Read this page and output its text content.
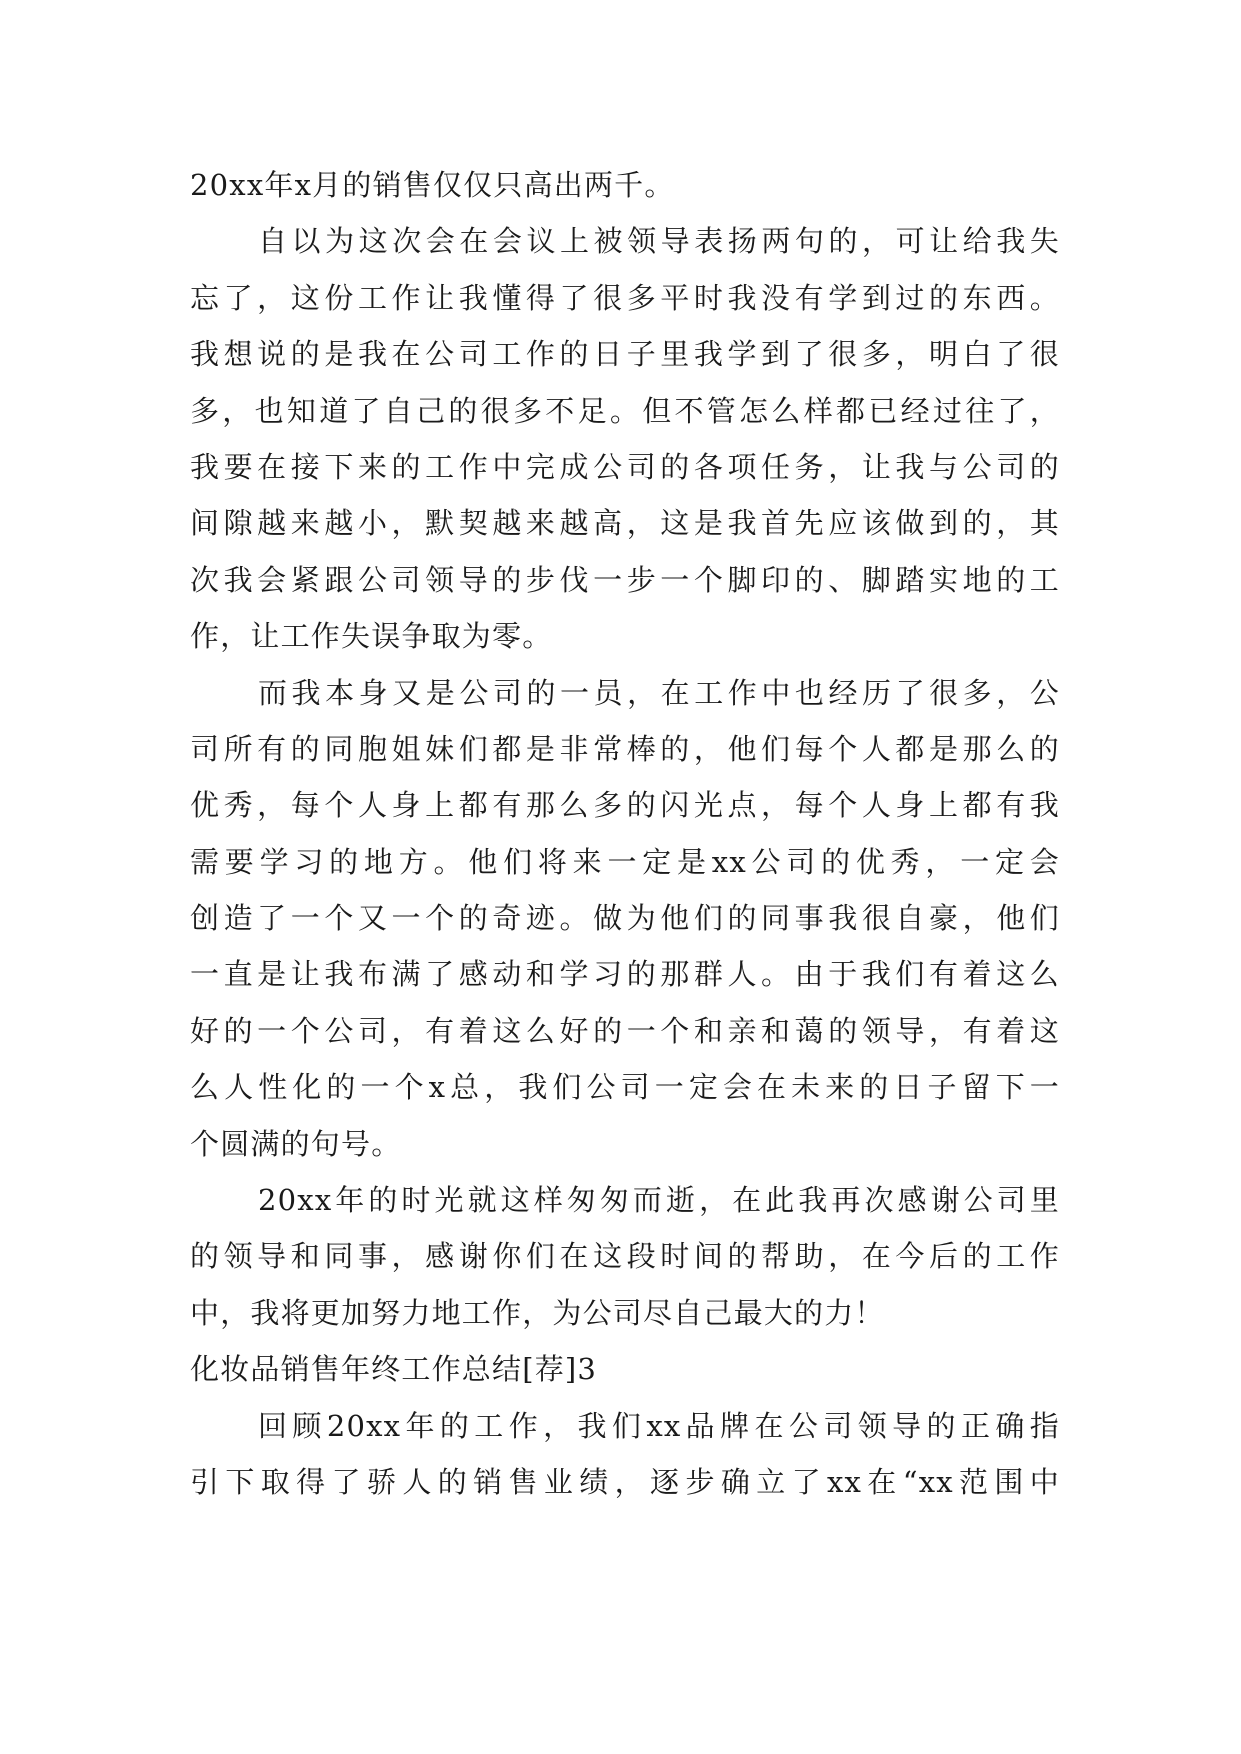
20xx年x月的销售仅仅只高出两千。
自以为这次会在会议上被领导表扬两句的，可让给我失
忘了，这份工作让我懂得了很多平时我没有学到过的东西。
我想说的是我在公司工作的日子里我学到了很多，明白了很
多，也知道了自己的很多不足。但不管怎么样都已经过往了，
我要在接下来的工作中完成公司的各项任务，让我与公司的
间隙越来越小，默契越来越高，这是我首先应该做到的，其
次我会紧跟公司领导的步伐一步一个脚印的、脚踏实地的工
作，让工作失误争取为零。
而我本身又是公司的一员，在工作中也经历了很多，公
司所有的同胞姐妹们都是非常棒的，他们每个人都是那么的
优秀，每个人身上都有那么多的闪光点，每个人身上都有我
需要学习的地方。他们将来一定是xx公司的优秀，一定会
创造了一个又一个的奇迹。做为他们的同事我很自豪，他们
一直是让我布满了感动和学习的那群人。由于我们有着这么
好的一个公司，有着这么好的一个和亲和蔼的领导，有着这
么人性化的一个x总，我们公司一定会在未来的日子留下一
个圆满的句号。
20xx年的时光就这样匆匆而逝，在此我再次感谢公司里
的领导和同事，感谢你们在这段时间的帮助，在今后的工作
中，我将更加努力地工作，为公司尽自己最大的力！
化妆品销售年终工作总结[荐]3
回顾20xx年的工作，我们xx品牌在公司领导的正确指
引下取得了骄人的销售业绩，逐步确立了xx在“xx范围中
